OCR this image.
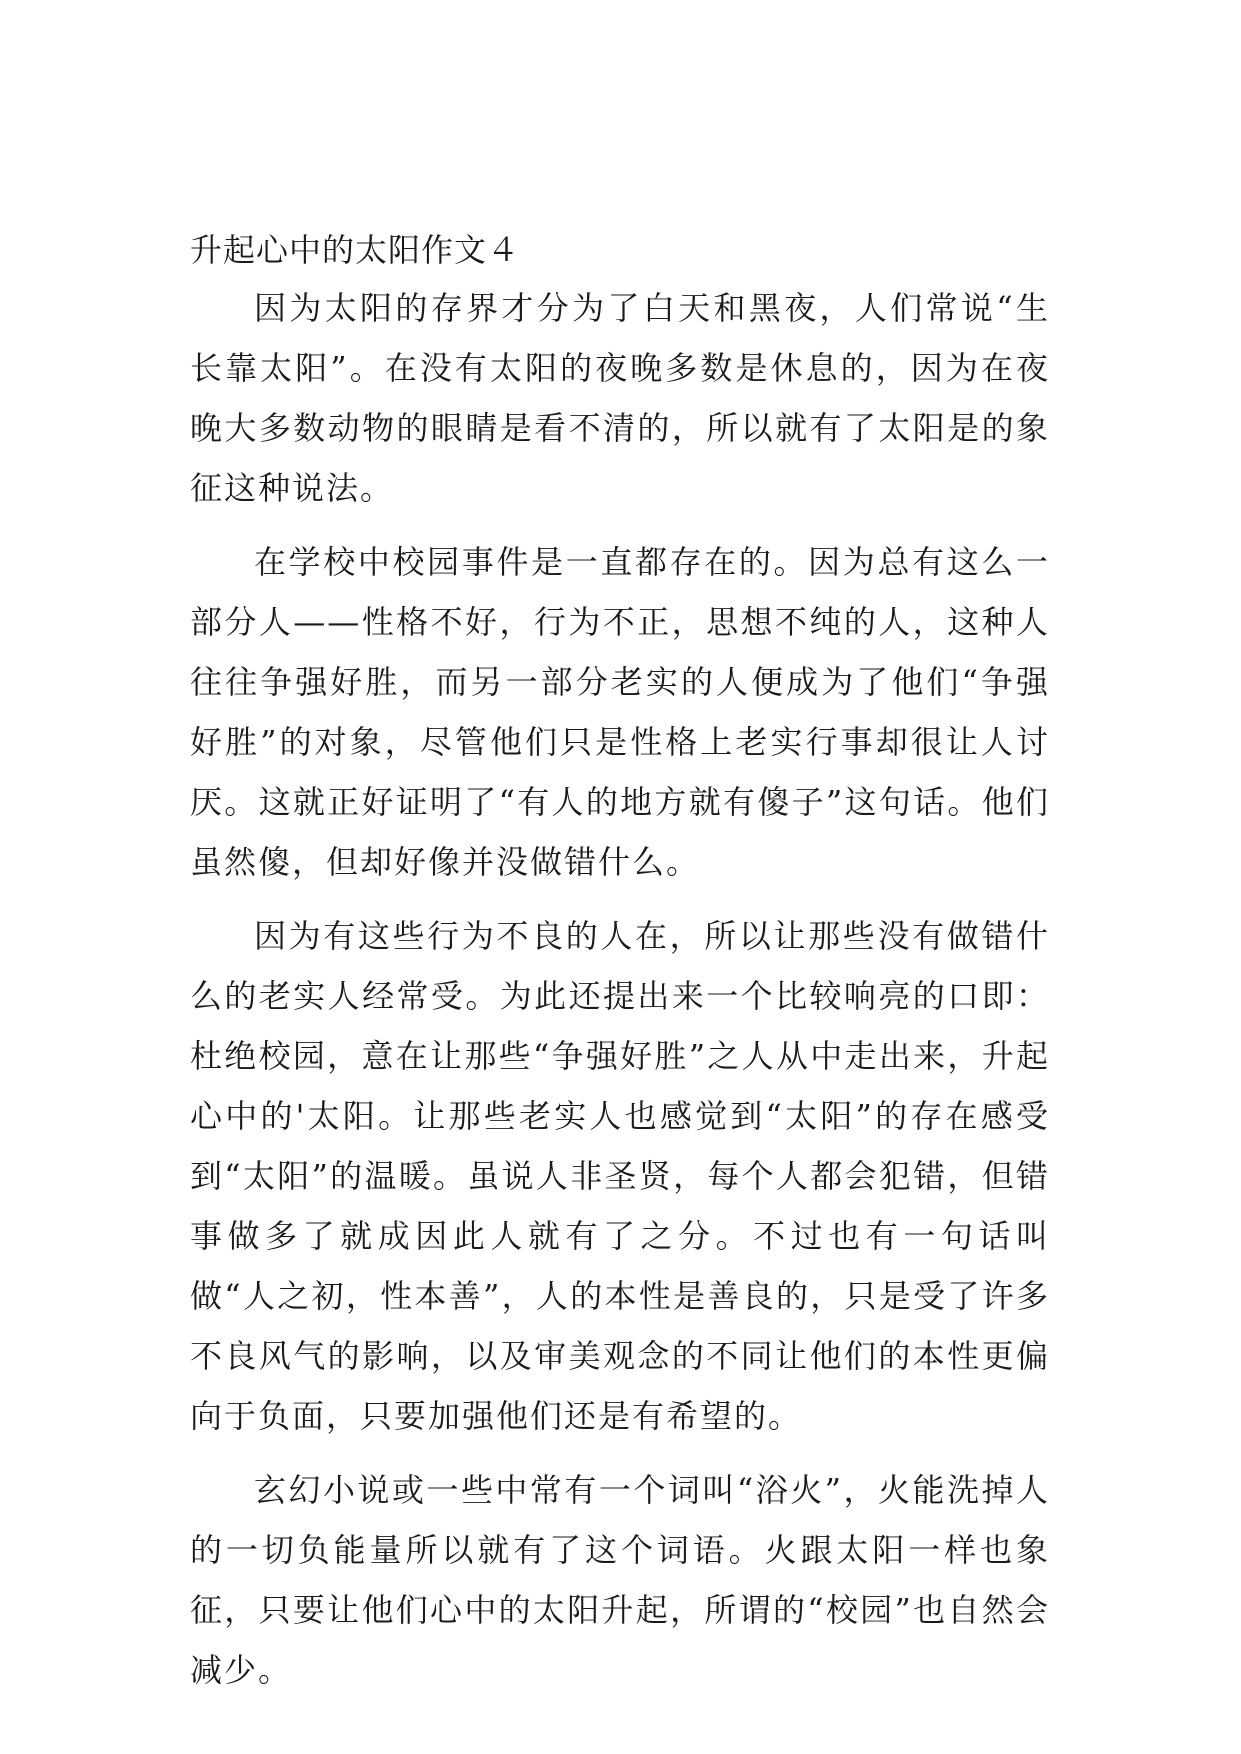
升起心中的太阳作文４

因为太阳的存界才分为了白天和黑夜，人们常说“生长靠太阳”。在没有太阳的夜晚多数是休息的，因为在夜晚大多数动物的眼睛是看不清的，所以就有了太阳是的象征这种说法。

在学校中校园事件是一直都存在的。因为总有这么一部分人——性格不好，行为不正，思想不纯的人，这种人往往争强好胜，而另一部分老实的人便成为了他们“争强好胜”的对象，尽管他们只是性格上老实行事却很让人讨厌。这就正好证明了“有人的地方就有傻子”这句话。他们虽然傻，但却好像并没做错什么。

因为有这些行为不良的人在，所以让那些没有做错什么的老实人经常受。为此还提出来一个比较响亮的口即：杜绝校园，意在让那些“争强好胜”之人从中走出来，升起心中的'太阳。让那些老实人也感觉到“太阳”的存在感受到“太阳”的温暖。虽说人非圣贤，每个人都会犯错，但错事做多了就成因此人就有了之分。不过也有一句话叫做“人之初，性本善”，人的本性是善良的，只是受了许多不良风气的影响，以及审美观念的不同让他们的本性更偏向于负面，只要加强他们还是有希望的。

玄幻小说或一些中常有一个词叫“浴火”，火能洗掉人的一切负能量所以就有了这个词语。火跟太阳一样也象征，只要让他们心中的太阳升起，所谓的“校园”也自然会减少。
